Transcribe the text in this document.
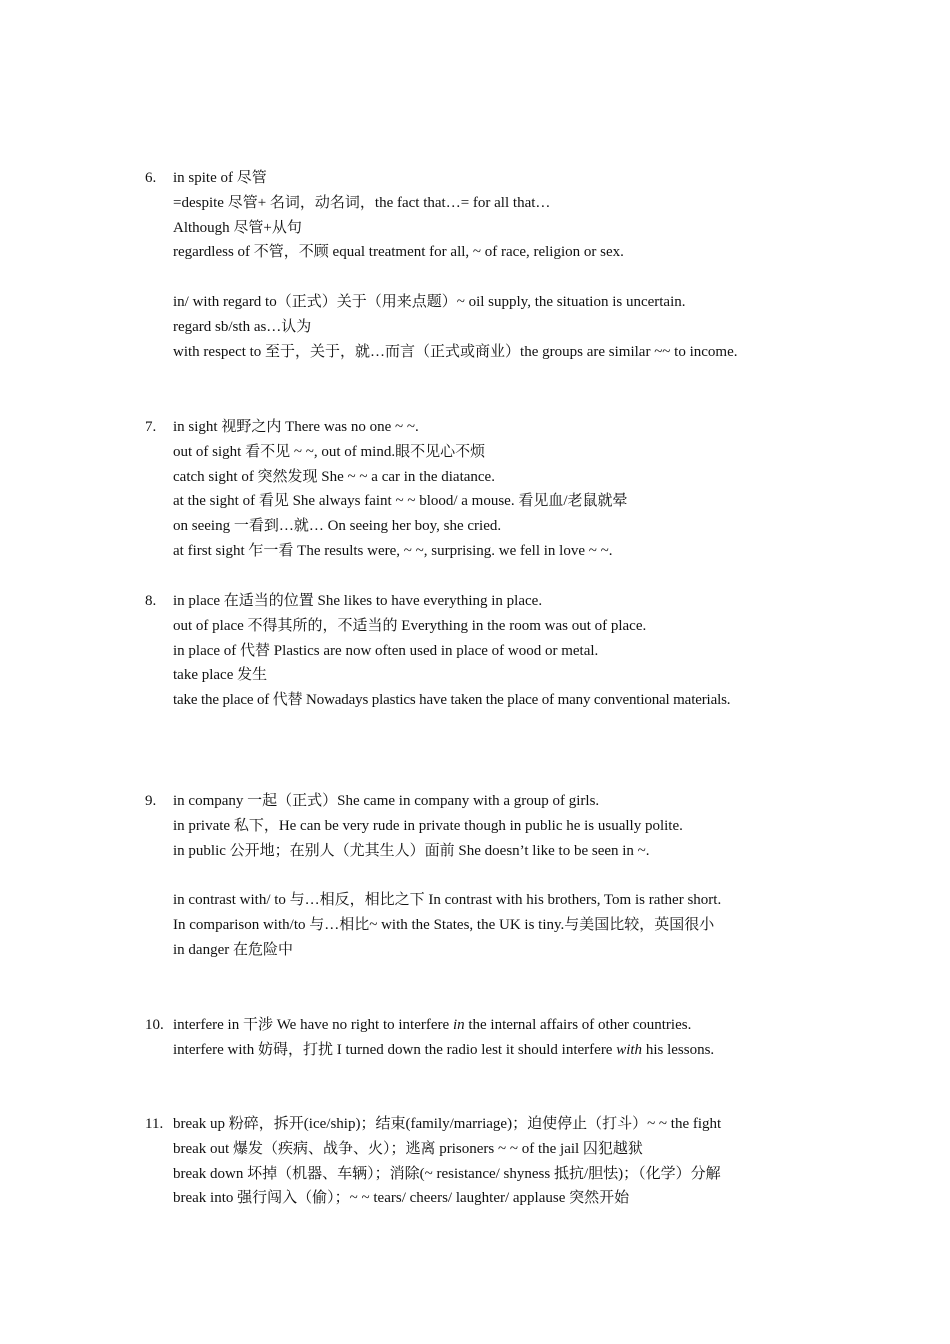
6. in spite of 尽管
=despite 尽管+ 名词，动名词，the fact that…= for all that…
Although 尽管+从句
regardless of 不管，不顾 equal treatment for all, ~ of race, religion or sex.
in/ with regard to（正式）关于（用来点题）~ oil supply, the situation is uncertain.
regard sb/sth as…认为
with respect to 至于，关于，就…而言（正式或商业）the groups are similar ~~ to income.
7. in sight 视野之内 There was no one ~ ~.
out of sight 看不见 ~ ~, out of mind.眼不见心不烦
catch sight of 突然发现 She ~ ~ a car in the diatance.
at the sight of 看见 She always faint ~ ~ blood/ a mouse. 看见血/老鼠就晕
on seeing 一看到…就… On seeing her boy, she cried.
at first sight 乍一看 The results were, ~ ~, surprising. we fell in love ~ ~.
8. in place 在适当的位置 She likes to have everything in place.
out of place 不得其所的，不适当的 Everything in the room was out of place.
in place of 代替 Plastics are now often used in place of wood or metal.
take place 发生
take the place of 代替 Nowadays plastics have taken the place of many conventional materials.
9. in company 一起（正式）She came in company with a group of girls.
in private 私下，He can be very rude in private though in public he is usually polite.
in public 公开地；在别人（尤其生人）面前 She doesn’t like to be seen in ~.
in contrast with/ to 与…相反，相比之下 In contrast with his brothers, Tom is rather short.
In comparison with/to 与…相比~ with the States, the UK is tiny.与美国比较，英国很小
in danger 在危险中
10. interfere in 干涉 We have no right to interfere in the internal affairs of other countries.
interfere with 妨碍，打扰 I turned down the radio lest it should interfere with his lessons.
11. break up 粉碎，拆开(ice/ship)；结束(family/marriage)；迫使停止（打斗）~ ~ the fight
break out 爆发（疾病、战争、火）；逃离 prisoners ~ ~ of the jail 囚犯越狱
break down 坏掉（机器、车辆）；消除(~ resistance/ shyness 抵抗/胆怯)；（化学）分解
break into 强行闯入（偷）；~ ~ tears/ cheers/ laughter/ applause 突然开始
